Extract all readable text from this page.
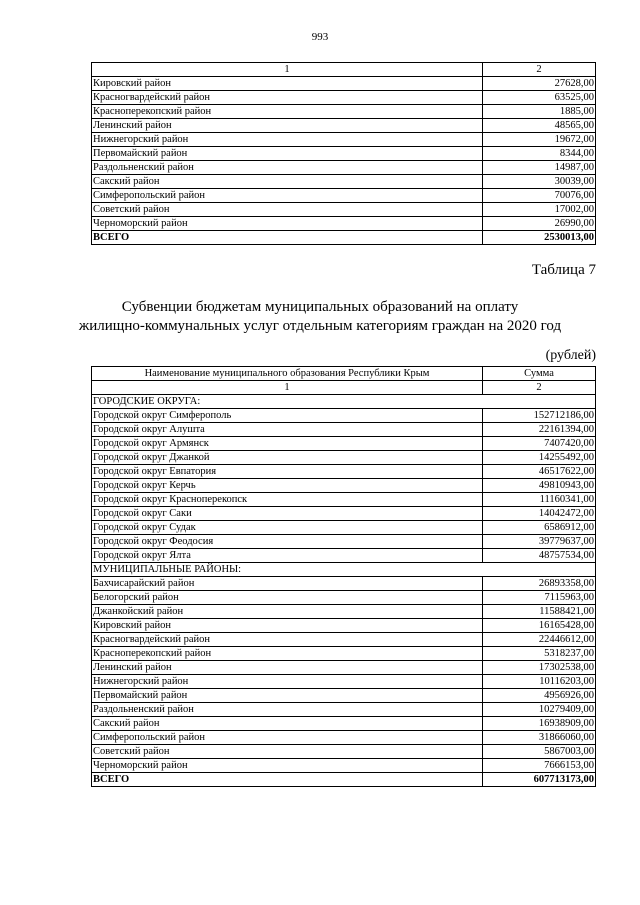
993
1	2
Кировский район	27628,00
Красногвардейский район	63525,00
Красноперекопский район	1885,00
Ленинский район	48565,00
Нижнегорский район	19672,00
Первомайский район	8344,00
Раздольненский район	14987,00
Сакский район	30039,00
Симферопольский район	70076,00
Советский район	17002,00
Черноморский район	26990,00
ВСЕГО	2530013,00
Таблица 7
Субвенции бюджетам муниципальных образований на оплату
жилищно-коммунальных услуг отдельным категориям граждан на 2020 год
(рублей)
Наименование муниципального образования Республики Крым	Сумма
1	2
ГОРОДСКИЕ ОКРУГА:	
Городской округ Симферополь	152712186,00
Городской округ Алушта	22161394,00
Городской округ Армянск	7407420,00
Городской округ Джанкой	14255492,00
Городской округ Евпатория	46517622,00
Городской округ Керчь	49810943,00
Городской округ Красноперекопск	11160341,00
Городской округ Саки	14042472,00
Городской округ Судак	6586912,00
Городской округ Феодосия	39779637,00
Городской округ Ялта	48757534,00
МУНИЦИПАЛЬНЫЕ РАЙОНЫ:	
Бахчисарайский район	26893358,00
Белогорский район	7115963,00
Джанкойский район	11588421,00
Кировский район	16165428,00
Красногвардейский район	22446612,00
Красноперекопский район	5318237,00
Ленинский район	17302538,00
Нижнегорский район	10116203,00
Первомайский район	4956926,00
Раздольненский район	10279409,00
Сакский район	16938909,00
Симферопольский район	31866060,00
Советский район	5867003,00
Черноморский район	7666153,00
ВСЕГО	607713173,00
